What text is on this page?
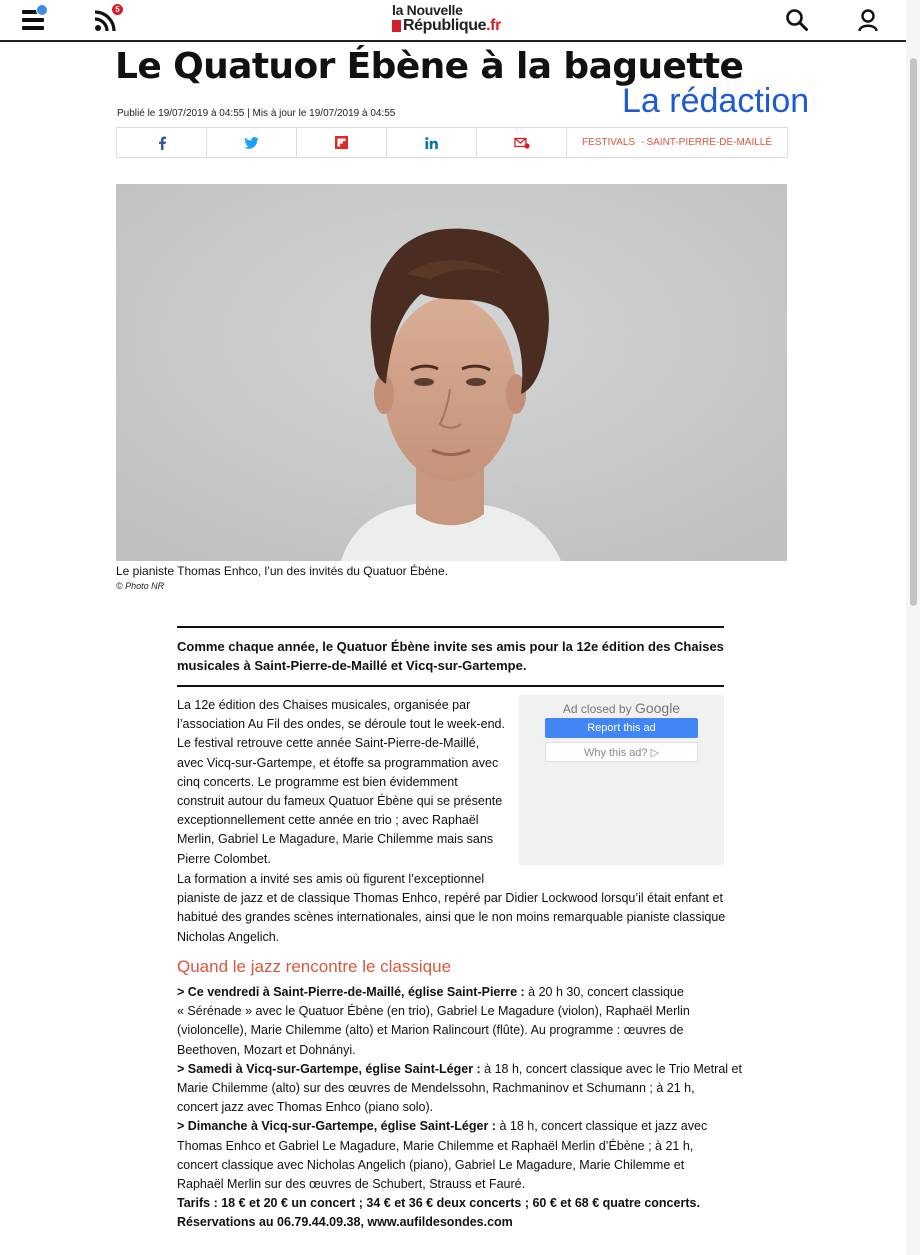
5	la Nouvelle
République.fr
Le Quatuor Ébène à la baguette
La rédaction
Publié le 19/07/2019 à 04:55 | Mis à jour le 19/07/2019 à 04:55
FESTIVALS - SAINT-PIERRE-DE-MAILLÉ
Le pianiste Thomas Enhco, l’un des invités du Quatuor Ébène.
© Photo NR

Comme chaque année, le Quatuor Ébène invite ses amis pour la 12e édition des Chaises musicales à Saint-Pierre-de-Maillé et Vicq-sur-Gartempe.

Ad closed by Google
Report this ad
Why this ad? ▷

La 12e édition des Chaises musicales, organisée par l’association Au Fil des ondes, se déroule tout le week-end. Le festival retrouve cette année Saint-Pierre-de-Maillé, avec Vicq-sur-Gartempe, et étoffe sa programmation avec cinq concerts. Le programme est bien évidemment construit autour du fameux Quatuor Ébène qui se présente exceptionnellement cette année en trio ; avec Raphaël Merlin, Gabriel Le Magadure, Marie Chilemme mais sans Pierre Colombet.

La formation a invité ses amis où figurent l’exceptionnel
pianiste de jazz et de classique Thomas Enhco, repéré par Didier Lockwood lorsqu’il était enfant et
habitué des grandes scènes internationales, ainsi que le non moins remarquable pianiste classique
Nicholas Angelich.

Quand le jazz rencontre le classique
> Ce vendredi à Saint-Pierre-de-Maillé, église Saint-Pierre : à 20 h 30, concert classique
« Sérénade » avec le Quatuor Ébène (en trio), Gabriel Le Magadure (violon), Raphaël Merlin
(violoncelle), Marie Chilemme (alto) et Marion Ralincourt (flûte). Au programme : œuvres de
Beethoven, Mozart et Dohnányi.
> Samedi à Vicq-sur-Gartempe, église Saint-Léger : à 18 h, concert classique avec le Trio Metral et
Marie Chilemme (alto) sur des œuvres de Mendelssohn, Rachmaninov et Schumann ; à 21 h,
concert jazz avec Thomas Enhco (piano solo).
> Dimanche à Vicq-sur-Gartempe, église Saint-Léger : à 18 h, concert classique et jazz avec
Thomas Enhco et Gabriel Le Magadure, Marie Chilemme et Raphaël Merlin d’Ébène ; à 21 h,
concert classique avec Nicholas Angelich (piano), Gabriel Le Magadure, Marie Chilemme et
Raphaël Merlin sur des œuvres de Schubert, Strauss et Fauré.
Tarifs : 18 € et 20 € un concert ; 34 € et 36 € deux concerts ; 60 € et 68 € quatre concerts.
Réservations au 06.79.44.09.38, www.aufildesondes.com
